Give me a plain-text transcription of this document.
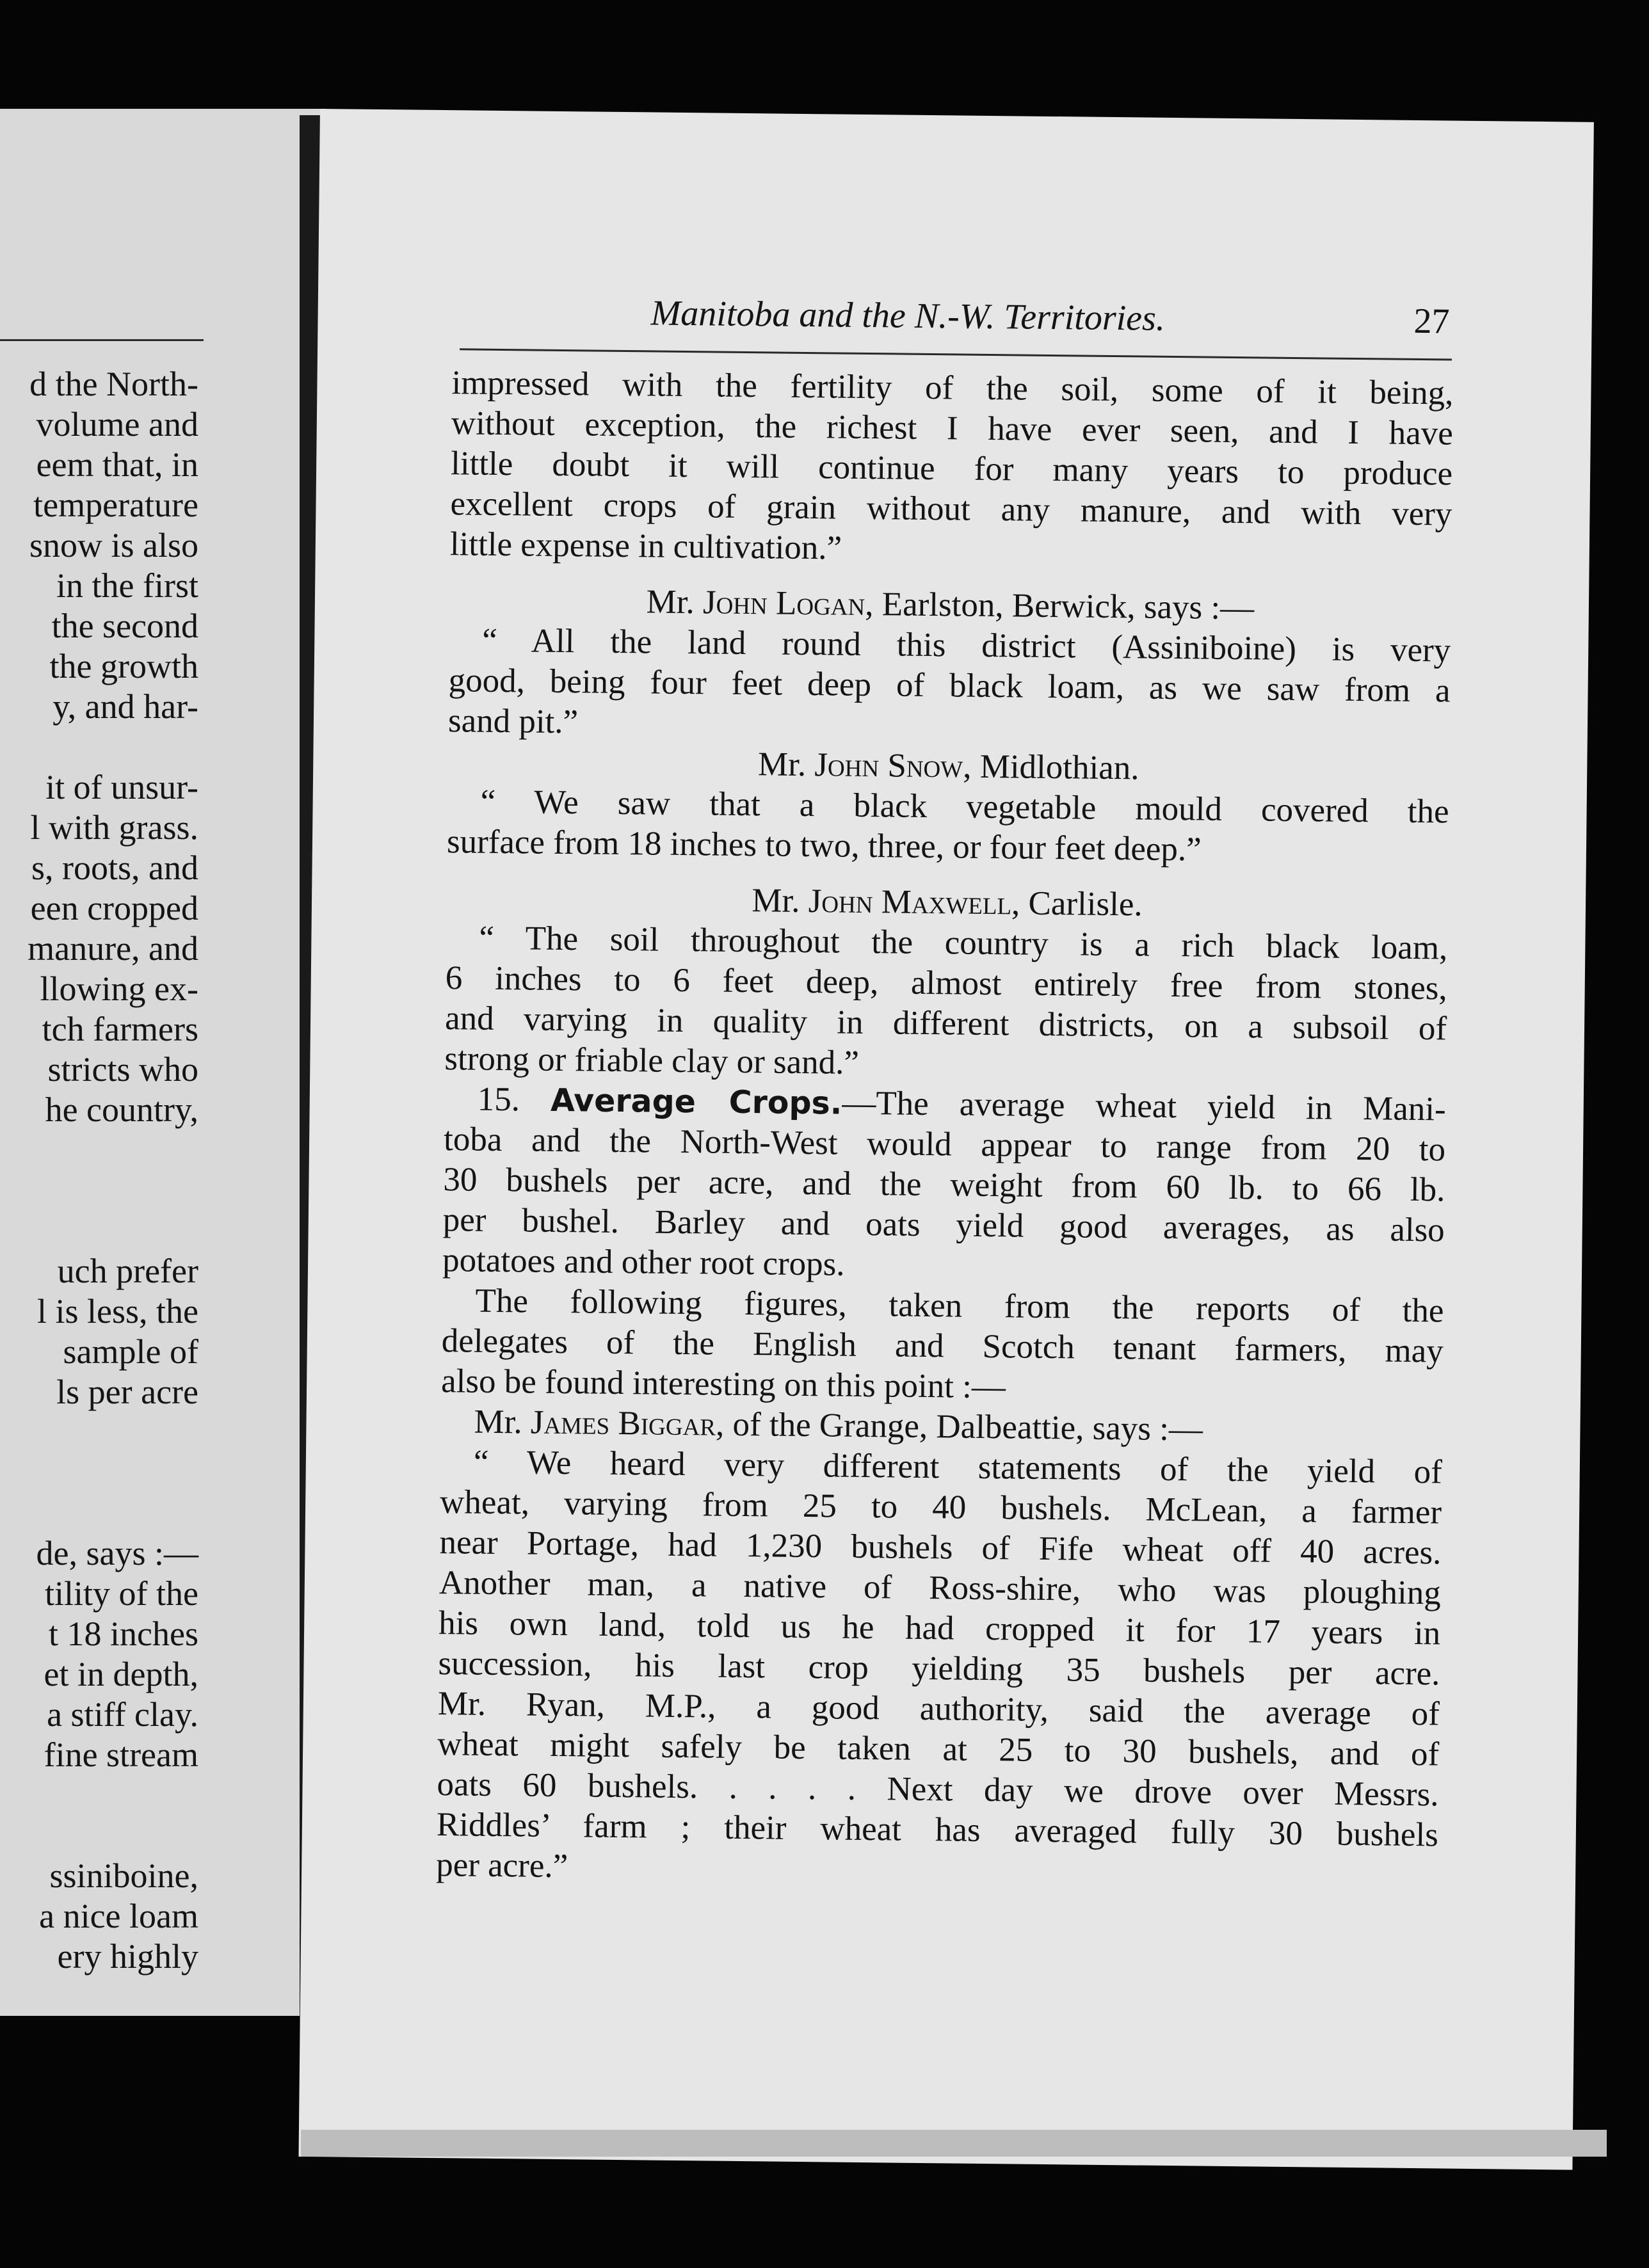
d the North-
volume and
eem that, in
temperature
snow is also
in the first
the second
the growth
y, and har-
it of unsur-
l with grass.
s, roots, and
een cropped
manure, and
llowing ex-
tch farmers
stricts who
he country,
uch prefer
l is less, the
sample of
ls per acre
de, says :—
tility of the
t 18 inches
et in depth,
a stiff clay.
fine stream
ssiniboine,
a nice loam
ery highly
Manitoba and the N.-W. Territories.	27
impressed with the fertility of the soil, some of it being,
without exception, the richest I have ever seen, and I have
little doubt it will continue for many years to produce
excellent crops of grain without any manure, and with very
little expense in cultivation.”
Mr. John Logan, Earlston, Berwick, says :—
“ All the land round this district (Assiniboine) is very
good, being four feet deep of black loam, as we saw from a
sand pit.”
Mr. John Snow, Midlothian.
“ We saw that a black vegetable mould covered the
surface from 18 inches to two, three, or four feet deep.”
Mr. John Maxwell, Carlisle.
“ The soil throughout the country is a rich black loam,
6 inches to 6 feet deep, almost entirely free from stones,
and varying in quality in different districts, on a subsoil of
strong or friable clay or sand.”
15. Average Crops.—The average wheat yield in Mani-
toba and the North-West would appear to range from 20 to
30 bushels per acre, and the weight from 60 lb. to 66 lb.
per bushel. Barley and oats yield good averages, as also
potatoes and other root crops.
The following figures, taken from the reports of the
delegates of the English and Scotch tenant farmers, may
also be found interesting on this point :—
Mr. James Biggar, of the Grange, Dalbeattie, says :—
“ We heard very different statements of the yield of
wheat, varying from 25 to 40 bushels. McLean, a farmer
near Portage, had 1,230 bushels of Fife wheat off 40 acres.
Another man, a native of Ross-shire, who was ploughing
his own land, told us he had cropped it for 17 years in
succession, his last crop yielding 35 bushels per acre.
Mr. Ryan, M.P., a good authority, said the average of
wheat might safely be taken at 25 to 30 bushels, and of
oats 60 bushels. . . . . Next day we drove over Messrs.
Riddles’ farm ; their wheat has averaged fully 30 bushels
per acre.”
